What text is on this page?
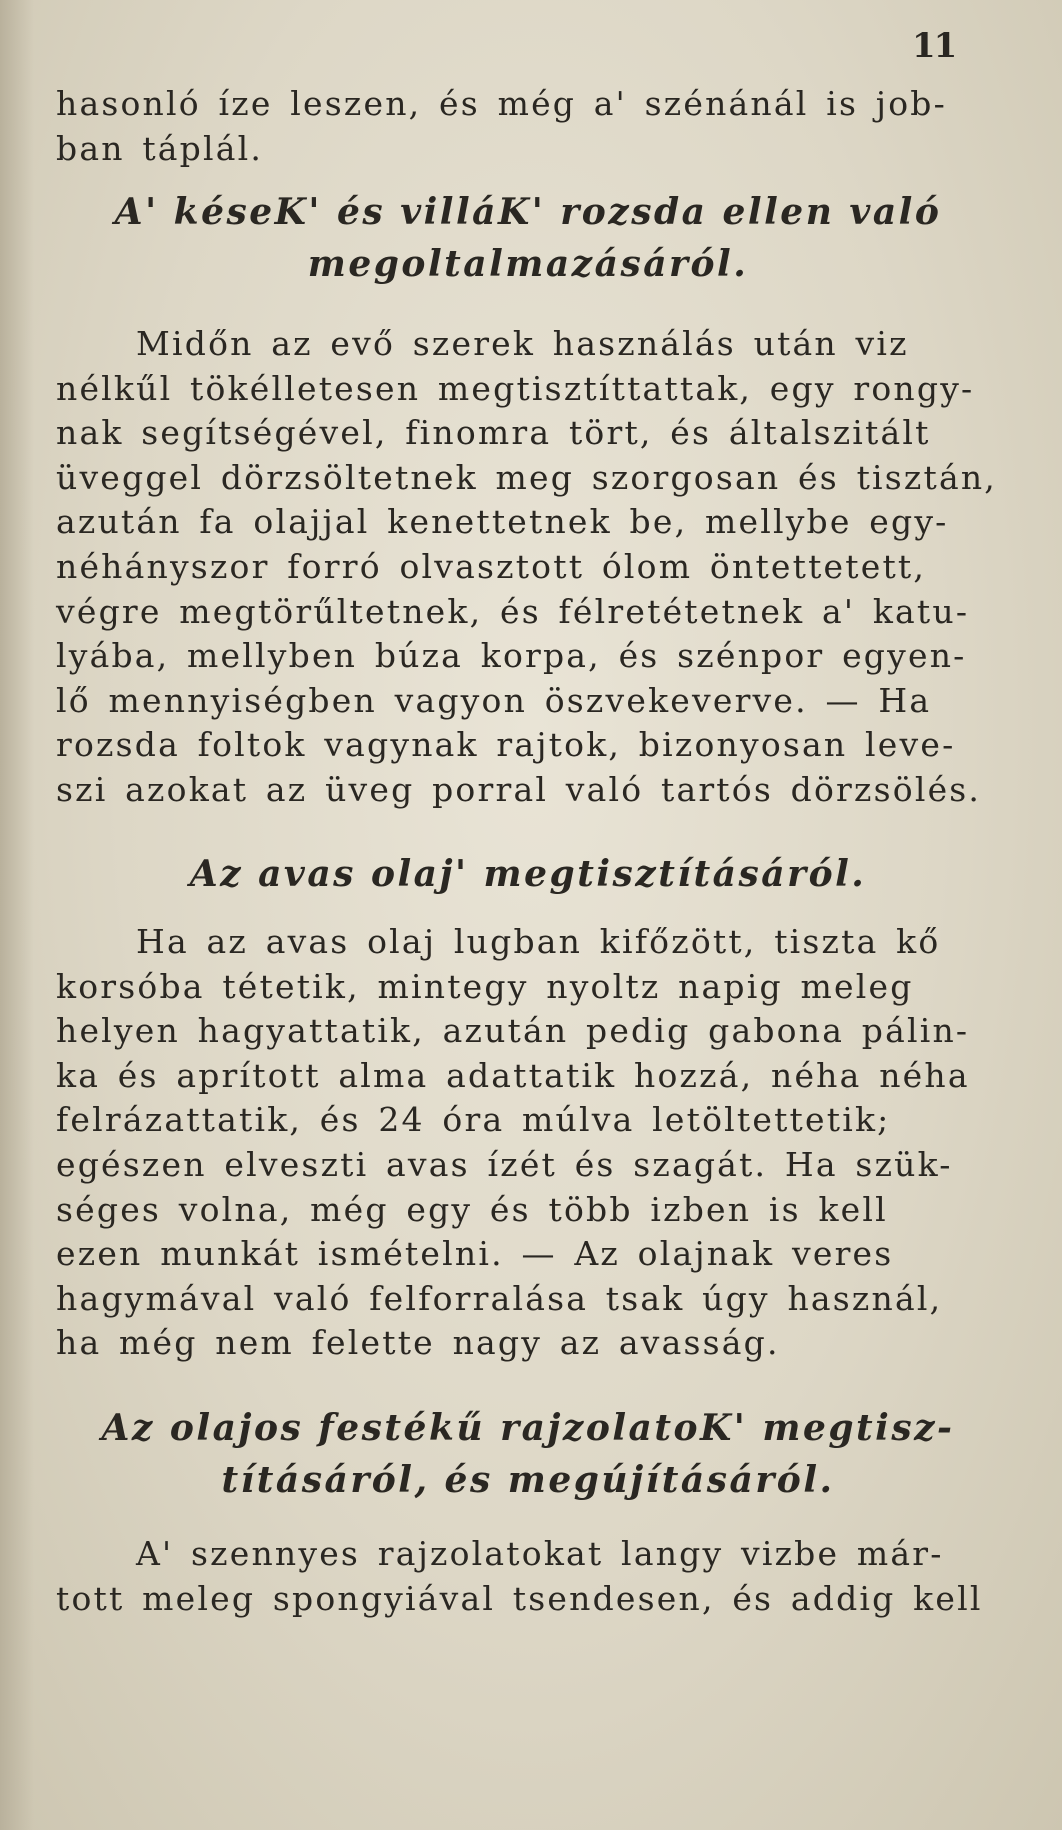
11
hasonló íze leszen, és még a' szénánál is job-
ban táplál.
A' késeK' és villáK' rozsda ellen való
megoltalmazásáról.
Midőn az evő szerek használás után viz
nélkűl tökélletesen megtisztíttattak, egy rongy-
nak segítségével, finomra tört, és általszitált
üveggel dörzsöltetnek meg szorgosan és tisztán,
azután fa olajjal kenettetnek be, mellybe egy-
néhányszor forró olvasztott ólom öntettetett,
végre megtörűltetnek, és félretétetnek a' katu-
lyába, mellyben búza korpa, és szénpor egyen-
lő mennyiségben vagyon öszvekeverve. — Ha
rozsda foltok vagynak rajtok, bizonyosan leve-
szi azokat az üveg porral való tartós dörzsölés.
Az avas olaj' megtisztításáról.
Ha az avas olaj lugban kifőzött, tiszta kő
korsóba tétetik, mintegy nyoltz napig meleg
helyen hagyattatik, azután pedig gabona pálin-
ka és aprított alma adattatik hozzá, néha néha
felrázattatik, és 24 óra múlva letöltettetik;
egészen elveszti avas ízét és szagát. Ha szük-
séges volna, még egy és több izben is kell
ezen munkát ismételni. — Az olajnak veres
hagymával való felforralása tsak úgy használ,
ha még nem felette nagy az avasság.
Az olajos festékű rajzolatoK' megtisz-
tításáról, és megújításáról.
A' szennyes rajzolatokat langy vizbe már-
tott meleg spongyiával tsendesen, és addig kell
